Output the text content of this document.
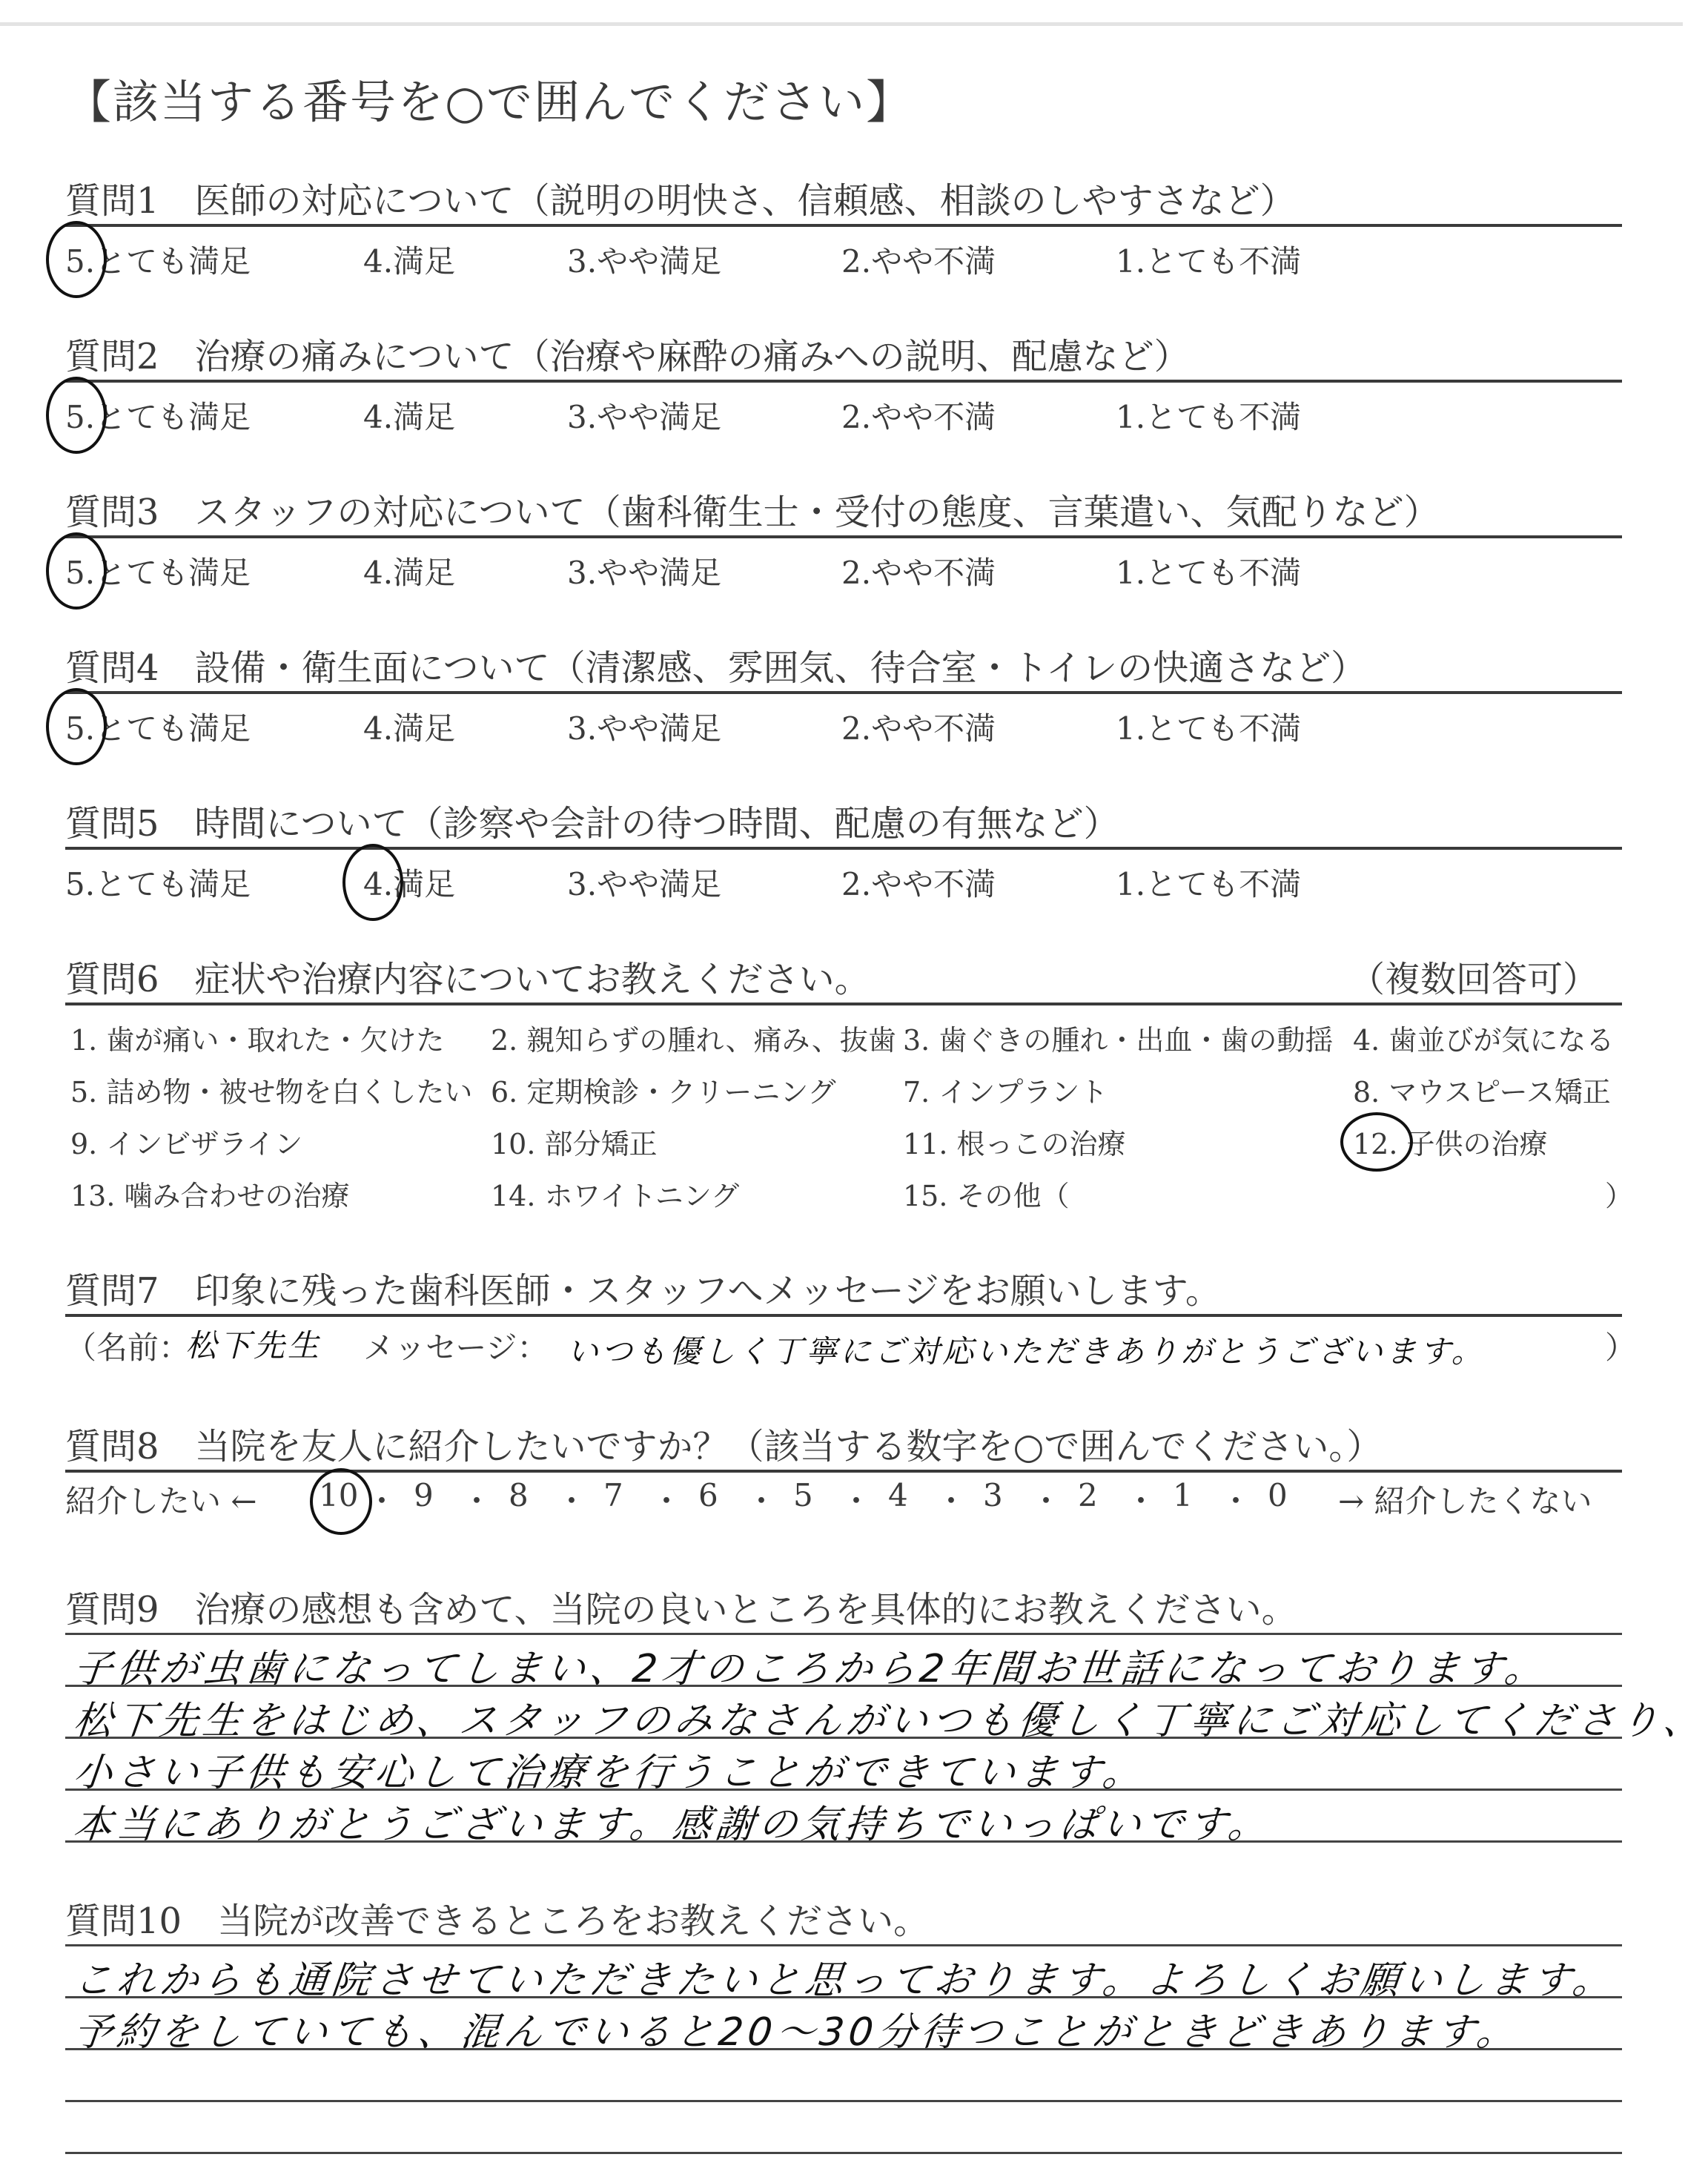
【該当する番号を○で囲んでください】
質問1　医師の対応について（説明の明快さ、信頼感、相談のしやすさなど）
5.とても満足	4.満足	3.やや満足	2.やや不満	1.とても不満
質問2　治療の痛みについて（治療や麻酔の痛みへの説明、配慮など）
5.とても満足	4.満足	3.やや満足	2.やや不満	1.とても不満
質問3　スタッフの対応について（歯科衛生士・受付の態度、言葉遣い、気配りなど）
5.とても満足	4.満足	3.やや満足	2.やや不満	1.とても不満
質問4　設備・衛生面について（清潔感、雰囲気、待合室・トイレの快適さなど）
5.とても満足	4.満足	3.やや満足	2.やや不満	1.とても不満
質問5　時間について（診察や会計の待つ時間、配慮の有無など）
5.とても満足	4.満足	3.やや満足	2.やや不満	1.とても不満
質問6　症状や治療内容についてお教えください。	（複数回答可）
1. 歯が痛い・取れた・欠けた 2. 親知らずの腫れ、痛み、抜歯 3. 歯ぐきの腫れ・出血・歯の動揺 4. 歯並びが気になる
5. 詰め物・被せ物を白くしたい 6. 定期検診・クリーニング 7. インプラント	8. マウスピース矯正
9. インビザライン	10. 部分矯正	11. 根っこの治療	12. 子供の治療
13. 噛み合わせの治療	14. ホワイトニング	15. その他（	）
質問7　印象に残った歯科医師・スタッフへメッセージをお願いします。
（名前：
松下先生 メッセージ： いつも優しく丁寧にご対応いただきありがとうございます。	）
質問8　当院を友人に紹介したいですか？（該当する数字を○で囲んでください。）
紹介したい ←	→ 紹介したくない
10 ・ 9 ・ 8 ・ 7 ・ 6 ・ 5 ・ 4 ・ 3 ・ 2 ・ 1 ・ 0
質問9　治療の感想も含めて、当院の良いところを具体的にお教えください。
子供が虫歯になってしまい、2才のころから2年間お世話になっております。
松下先生をはじめ、スタッフのみなさんがいつも優しく丁寧にご対応してくださり、
小さい子供も安心して治療を行うことができています。
本当にありがとうございます。感謝の気持ちでいっぱいです。
質問10　当院が改善できるところをお教えください。
これからも通院させていただきたいと思っております。よろしくお願いします。
予約をしていても、混んでいると20〜30分待つことがときどきあります。
